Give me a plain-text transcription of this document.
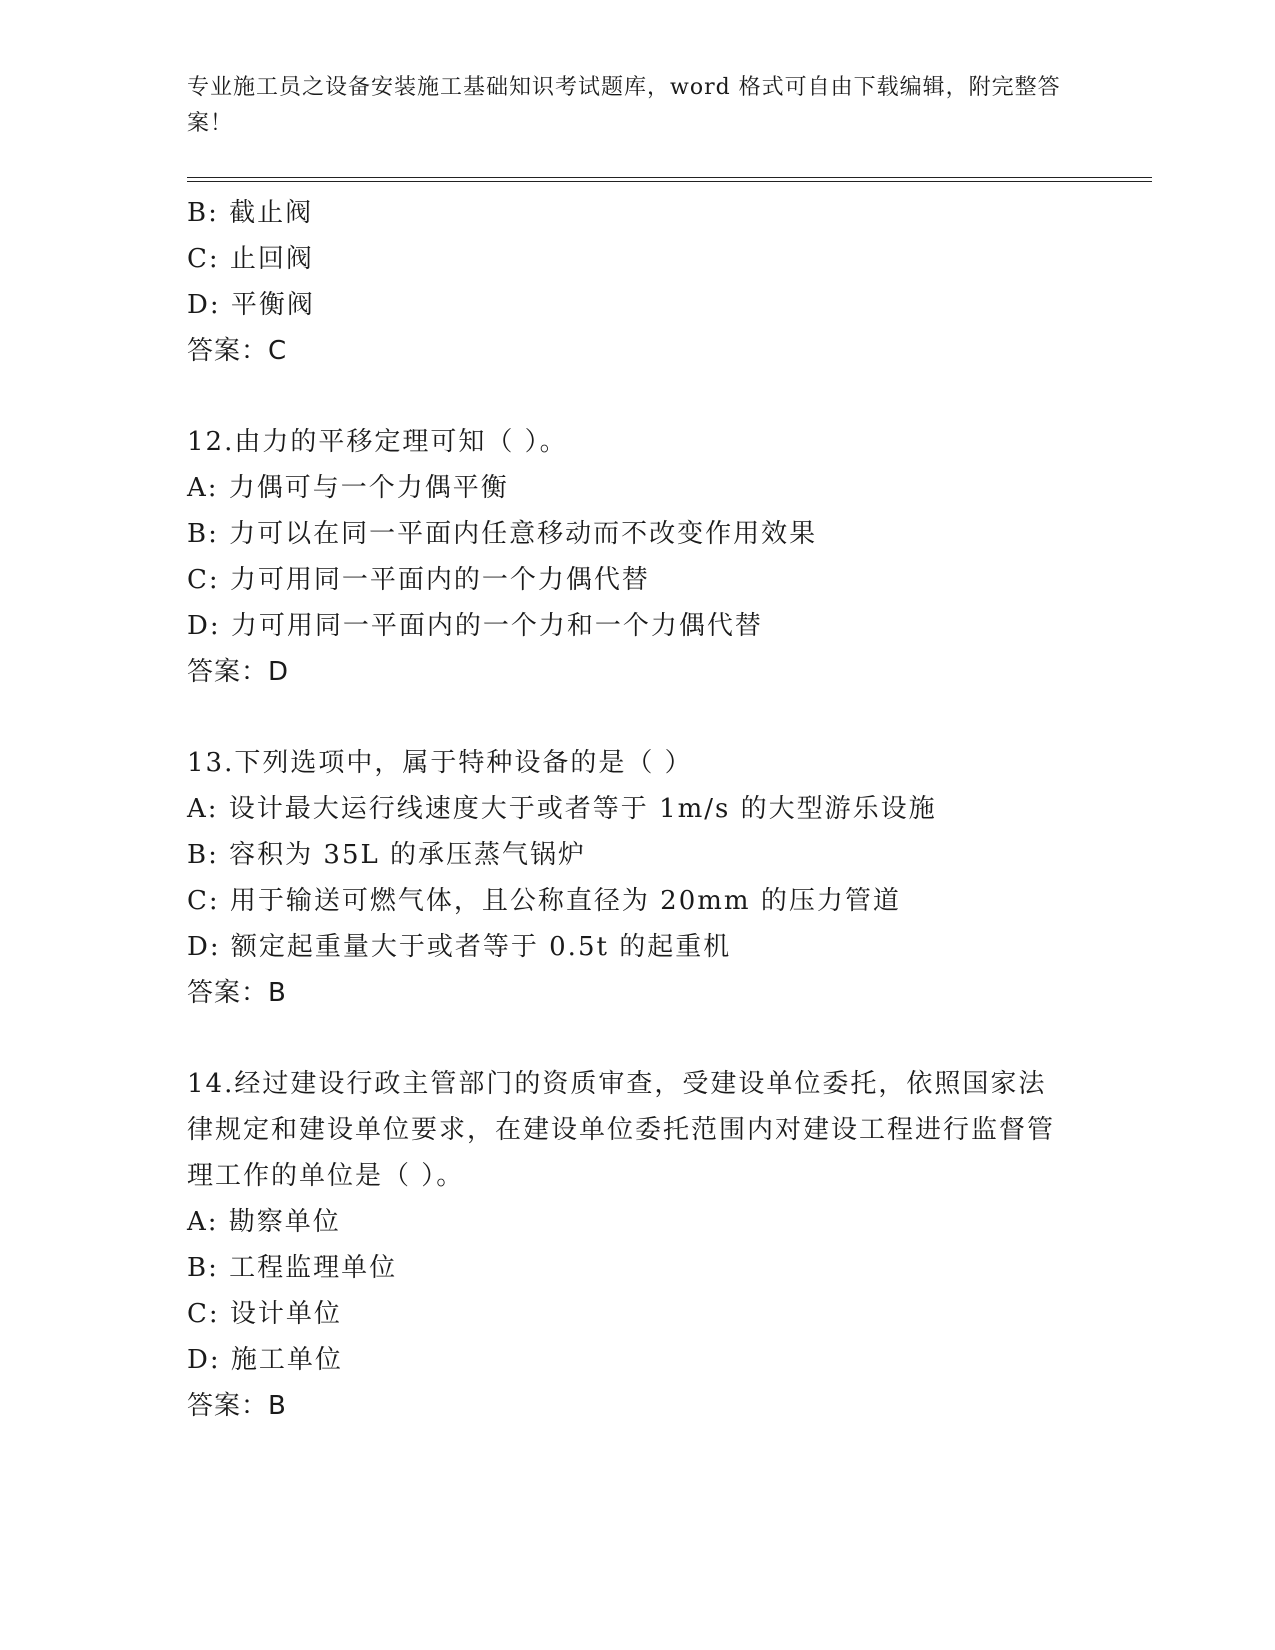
专业施工员之设备安装施工基础知识考试题库，word 格式可自由下载编辑，附完整答案！
B: 截止阀
C: 止回阀
D: 平衡阀
答案：C
12.由力的平移定理可知（ ）。
A: 力偶可与一个力偶平衡
B: 力可以在同一平面内任意移动而不改变作用效果
C: 力可用同一平面内的一个力偶代替
D: 力可用同一平面内的一个力和一个力偶代替
答案：D
13.下列选项中，属于特种设备的是（ ）
A: 设计最大运行线速度大于或者等于 1m/s 的大型游乐设施
B: 容积为 35L 的承压蒸气锅炉
C: 用于输送可燃气体，且公称直径为 20mm 的压力管道
D: 额定起重量大于或者等于 0.5t 的起重机
答案：B
14.经过建设行政主管部门的资质审查，受建设单位委托，依照国家法律规定和建设单位要求，在建设单位委托范围内对建设工程进行监督管理工作的单位是（ ）。
A: 勘察单位
B: 工程监理单位
C: 设计单位
D: 施工单位
答案：B
